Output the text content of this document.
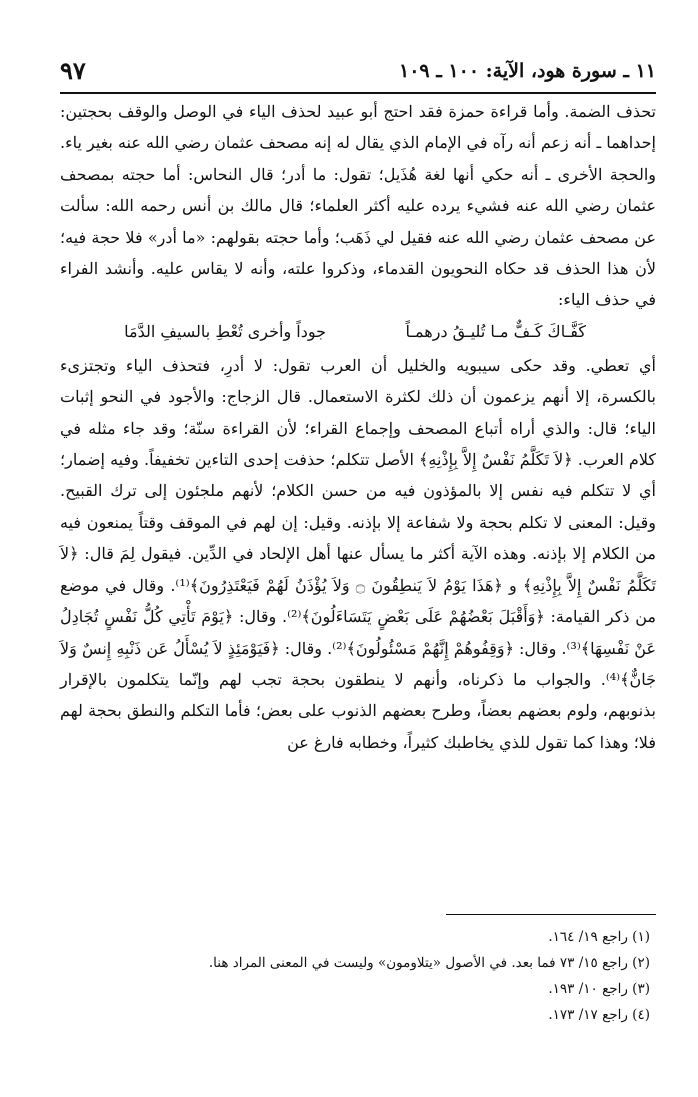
١١ ـ سورة هود، الآية: ١٠٠ ـ ١٠٩
٩٧

تحذف الضمة. وأما قراءة حمزة فقد احتج أبو عبيد لحذف الياء في الوصل والوقف بحجتين: إحداهما ـ أنه زعم أنه رآه في الإمام الذي يقال له إنه مصحف عثمان رضي الله عنه بغير ياء. والحجة الأخرى ـ أنه حكي أنها لغة هُذَيل؛ تقول: ما أدر؛ قال النحاس: أما حجته بمصحف عثمان رضي الله عنه فشيء يرده عليه أكثر العلماء؛ قال مالك بن أنس رحمه الله: سألت عن مصحف عثمان رضي الله عنه فقيل لي ذَهَب؛ وأما حجته بقولهم: «ما أدر» فلا حجة فيه؛ لأن هذا الحذف قد حكاه النحويون القدماء، وذكروا علته، وأنه لا يقاس عليه. وأنشد الفراء في حذف الياء:

كَفَّـاكَ كَـفٌّ مـا تُليـقُ درهمـاً
جوداً وأخرى تُعْطِ بالسيفِ الدَّمَا

أي تعطي. وقد حكى سيبويه والخليل أن العرب تقول: لا أدرِ، فتحذف الياء وتجتزىء بالكسرة، إلا أنهم يزعمون أن ذلك لكثرة الاستعمال. قال الزجاج: والأجود في النحو إثبات الياء؛ قال: والذي أراه أتباع المصحف وإجماع القراء؛ لأن القراءة سنّة؛ وقد جاء مثله في كلام العرب. ﴿لاَ تَكَلَّمُ نَفْسٌ إِلاَّ بِإِذْنِهِ﴾ الأصل تتكلم؛ حذفت إحدى التاءين تخفيفاً. وفيه إضمار؛ أي لا تتكلم فيه نفس إلا بالمؤذون فيه من حسن الكلام؛ لأنهم ملجئون إلى ترك القبيح. وقيل: المعنى لا تكلم بحجة ولا شفاعة إلا بإذنه. وقيل: إن لهم في الموقف وقتاً يمنعون فيه من الكلام إلا بإذنه. وهذه الآية أكثر ما يسأل عنها أهل الإلحاد في الدِّين. فيقول لِمَ قال: ﴿لاَ تَكَلَّمُ نَفْسٌ إِلاَّ بِإِذْنِهِ﴾ و ﴿هَذَا يَوْمُ لاَ يَنطِقُونَ ۝ وَلاَ يُؤْذَنُ لَهُمْ فَيَعْتَذِرُونَ﴾⁽¹⁾. وقال في موضع من ذكر القيامة: ﴿وَأَقْبَلَ بَعْضُهُمْ عَلَى بَعْضٍ يَتَسَاءَلُونَ﴾⁽²⁾. وقال: ﴿يَوْمَ تَأْتِي كُلُّ نَفْسٍ تُجَادِلُ عَنْ نَفْسِهَا﴾⁽³⁾. وقال: ﴿وَقِفُوهُمْ إِنَّهُمْ مَسْئُولُونَ﴾⁽²⁾. وقال: ﴿فَيَوْمَئِذٍ لاَ يُسْأَلُ عَن ذَنْبِهِ إِنسٌ وَلاَ جَانٌّ﴾⁽⁴⁾. والجواب ما ذكرناه، وأنهم لا ينطقون بحجة تجب لهم وإنّما يتكلمون بالإقرار بذنوبهم، ولوم بعضهم بعضاً، وطرح بعضهم الذنوب على بعض؛ فأما التكلم والنطق بحجة لهم فلا؛ وهذا كما تقول للذي يخاطبك كثيراً، وخطابه فارغ عن

(١) راجع ١٩/ ١٦٤.
(٢) راجع ١٥/ ٧٣ فما بعد. في الأصول «يتلاومون» وليست في المعنى المراد هنا.
(٣) راجع ١٠/ ١٩٣.
(٤) راجع ١٧/ ١٧٣.
